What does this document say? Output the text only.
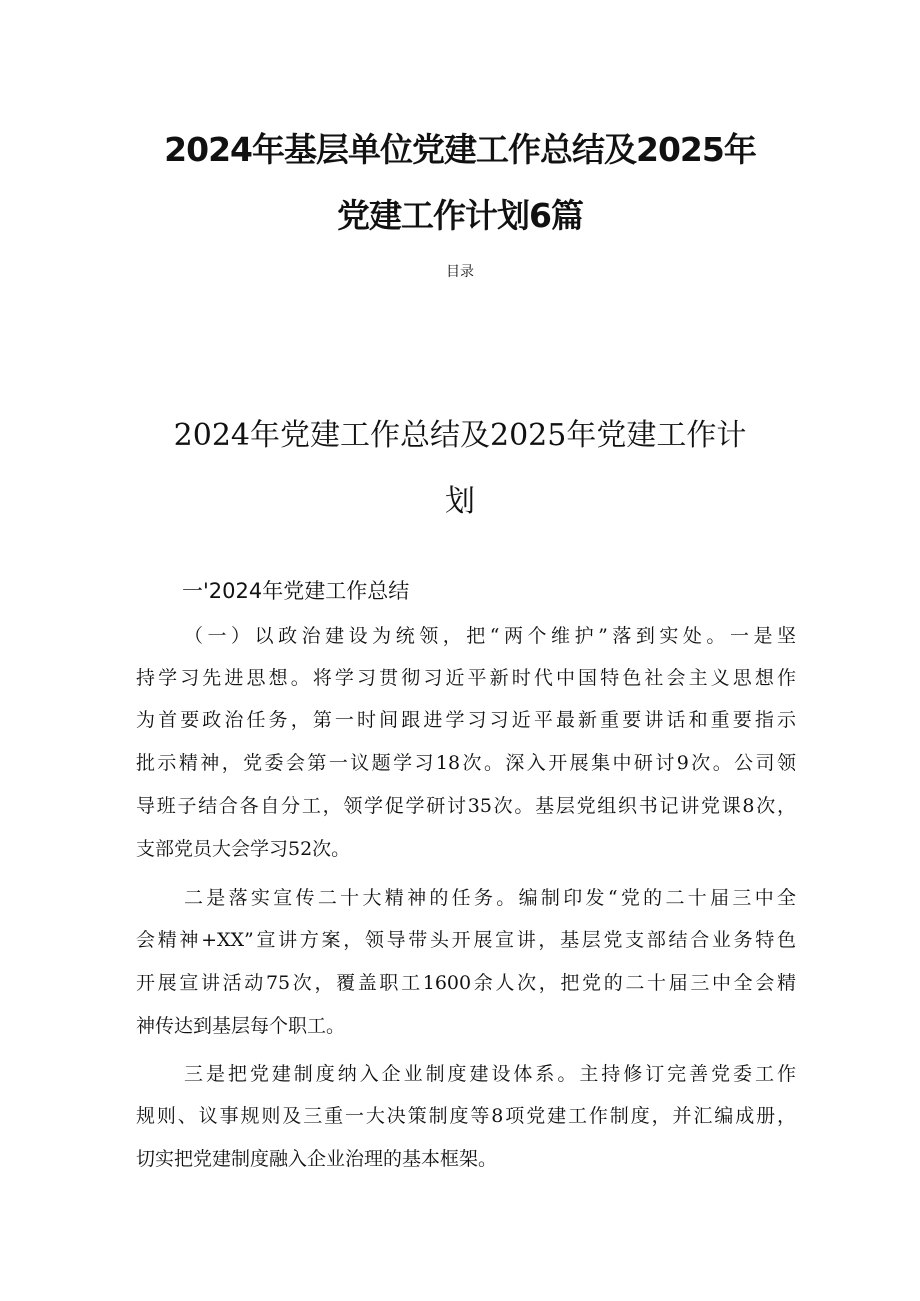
2024年基层单位党建工作总结及2025年
党建工作计划6篇
目录
2024年党建工作总结及2025年党建工作计
划
一'2024年党建工作总结
（一）以政治建设为统领，把“两个维护”落到实处。一是坚
持学习先进思想。将学习贯彻习近平新时代中国特色社会主义思想作
为首要政治任务，第一时间跟进学习习近平最新重要讲话和重要指示
批示精神，党委会第一议题学习18次。深入开展集中研讨9次。公司领
导班子结合各自分工，领学促学研讨35次。基层党组织书记讲党课8次，
支部党员大会学习52次。
二是落实宣传二十大精神的任务。编制印发“党的二十届三中全
会精神+XX”宣讲方案，领导带头开展宣讲，基层党支部结合业务特色
开展宣讲活动75次，覆盖职工1600余人次，把党的二十届三中全会精
神传达到基层每个职工。
三是把党建制度纳入企业制度建设体系。主持修订完善党委工作
规则、议事规则及三重一大决策制度等8项党建工作制度，并汇编成册，
切实把党建制度融入企业治理的基本框架。
